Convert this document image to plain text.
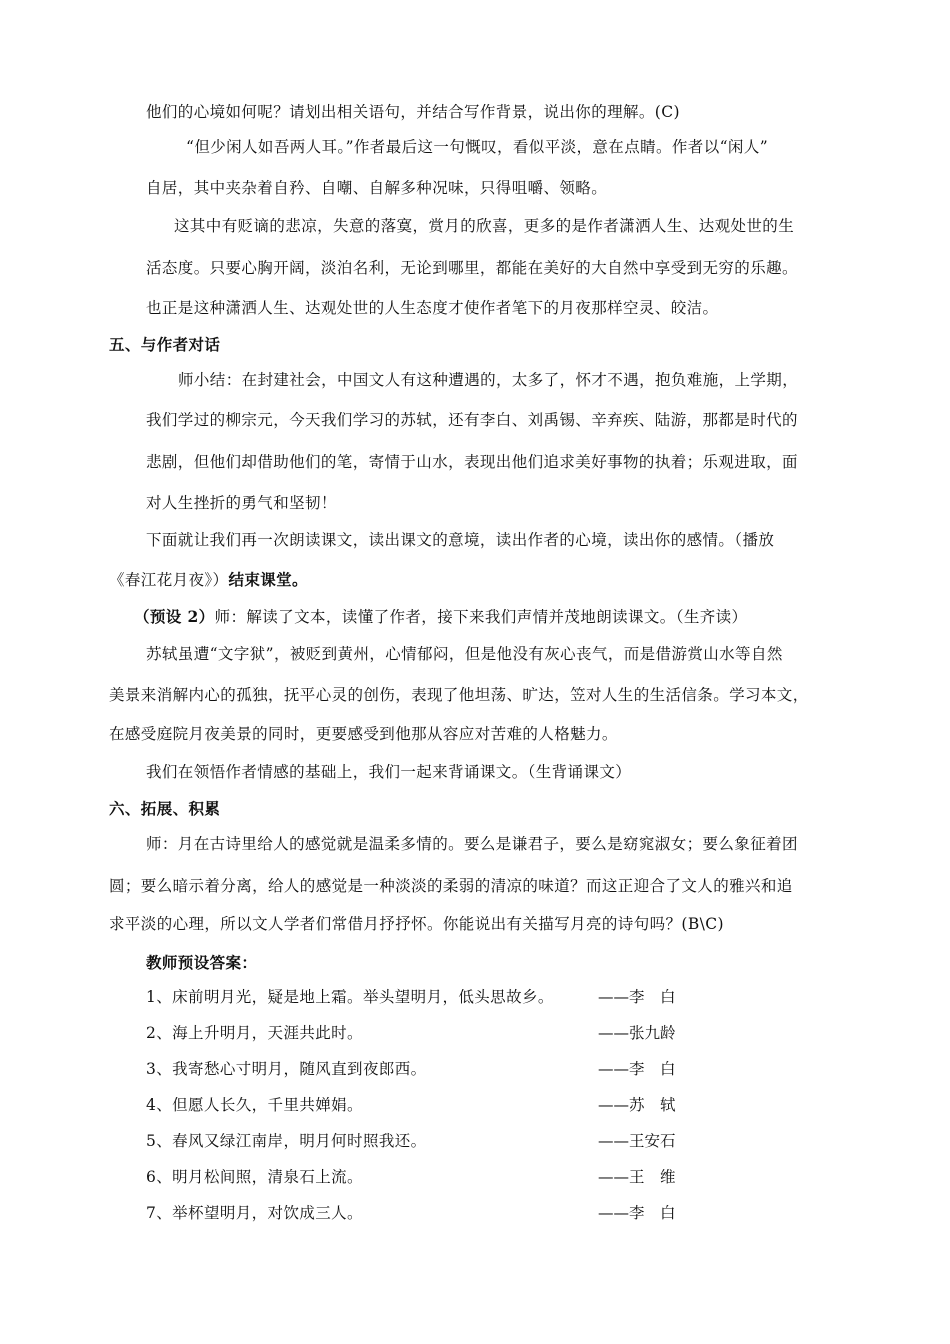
他们的心境如何呢？请划出相关语句，并结合写作背景，说出你的理解。(C)
“但少闲人如吾两人耳。”作者最后这一句慨叹，看似平淡，意在点睛。作者以“闲人”
自居，其中夹杂着自矜、自嘲、自解多种况味，只得咀嚼、领略。
这其中有贬谪的悲凉，失意的落寞，赏月的欣喜，更多的是作者潇洒人生、达观处世的生
活态度。只要心胸开阔，淡泊名利，无论到哪里，都能在美好的大自然中享受到无穷的乐趣。
也正是这种潇洒人生、达观处世的人生态度才使作者笔下的月夜那样空灵、皎洁。
五、与作者对话
师小结：在封建社会，中国文人有这种遭遇的，太多了，怀才不遇，抱负难施，上学期，
我们学过的柳宗元，今天我们学习的苏轼，还有李白、刘禹锡、辛弃疾、陆游，那都是时代的
悲剧，但他们却借助他们的笔，寄情于山水，表现出他们追求美好事物的执着；乐观进取，面
对人生挫折的勇气和坚韧！
下面就让我们再一次朗读课文，读出课文的意境，读出作者的心境，读出你的感情。（播放
《春江花月夜》）结束课堂。
（预设 2）师：解读了文本，读懂了作者，接下来我们声情并茂地朗读课文。（生齐读）
苏轼虽遭“文字狱”，被贬到黄州，心情郁闷，但是他没有灰心丧气，而是借游赏山水等自然
美景来消解内心的孤独，抚平心灵的创伤，表现了他坦荡、旷达，笠对人生的生活信条。学习本文，
在感受庭院月夜美景的同时，更要感受到他那从容应对苦难的人格魅力。
我们在领悟作者情感的基础上，我们一起来背诵课文。（生背诵课文）
六、拓展、积累
师：月在古诗里给人的感觉就是温柔多情的。要么是谦君子，要么是窈窕淑女；要么象征着团
圆；要么暗示着分离，给人的感觉是一种淡淡的柔弱的清凉的味道？而这正迎合了文人的雅兴和追
求平淡的心理，所以文人学者们常借月抒抒怀。你能说出有关描写月亮的诗句吗？(B\C)
教师预设答案：
1、床前明月光，疑是地上霜。举头望明月，低头思故乡。	——李　白
2、海上升明月，天涯共此时。	——张九龄
3、我寄愁心寸明月，随风直到夜郎西。	——李　白
4、但愿人长久，千里共婵娟。	——苏　轼
5、春风又绿江南岸，明月何时照我还。	——王安石
6、明月松间照，清泉石上流。	——王　维
7、举杯望明月，对饮成三人。	——李　白
